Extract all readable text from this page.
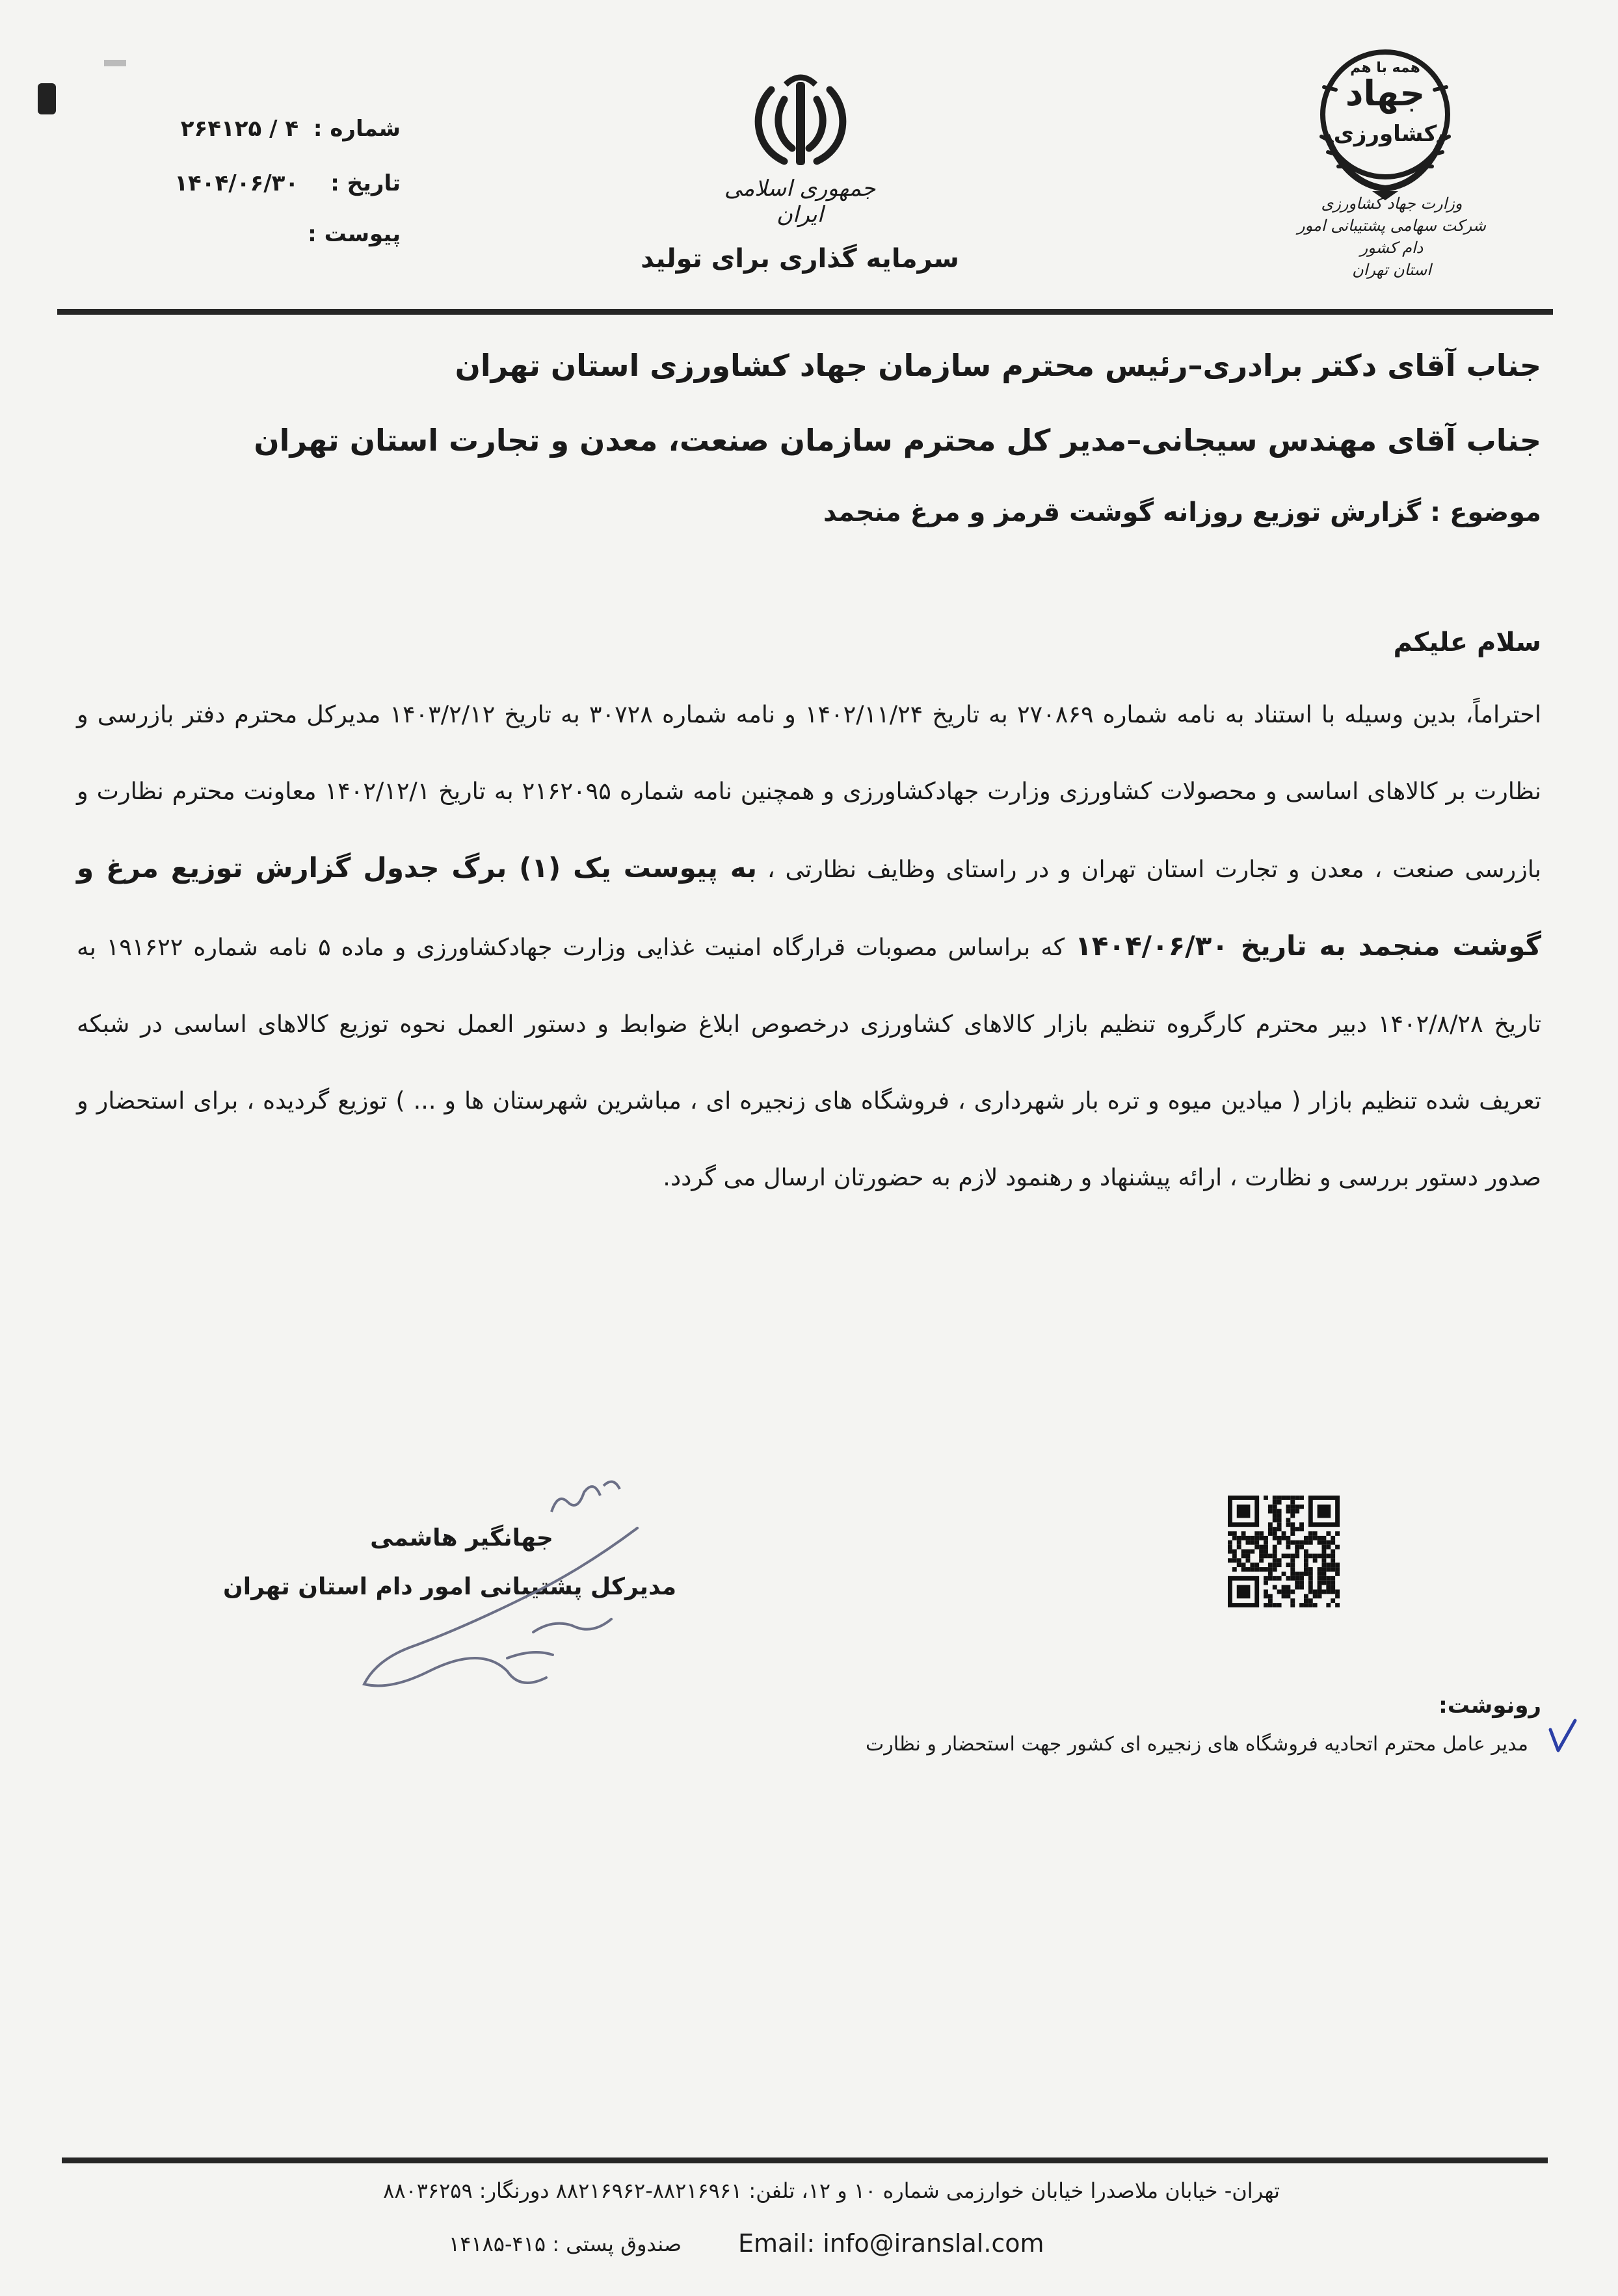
شماره : ۴ / ۲۶۴۱۲۵
تاریخ : ۱۴۰۴/۰۶/۳۰
پیوست :
جمهوری اسلامی ایران
سرمایه گذاری برای تولید
همه با هم
جهاد
کشاورزی
وزارت جهاد کشاورزی
شرکت سهامی پشتیبانی امور دام کشور
استان تهران
جناب آقای دکتر برادری–رئیس محترم سازمان جهاد کشاورزی استان تهران
جناب آقای مهندس سیجانی–مدیر کل محترم سازمان صنعت، معدن و تجارت استان تهران
موضوع : گزارش توزیع روزانه گوشت قرمز و مرغ منجمد
سلام علیکم
احتراماً، بدین وسیله با استناد به نامه شماره ۲۷۰۸۶۹ به تاریخ ۱۴۰۲/۱۱/۲۴ و نامه شماره ۳۰۷۲۸ به تاریخ ۱۴۰۳/۲/۱۲ مدیرکل محترم دفتر بازرسی و نظارت بر کالاهای اساسی و محصولات کشاورزی وزارت جهادکشاورزی و همچنین نامه شماره ۲۱۶۲۰۹۵ به تاریخ ۱۴۰۲/۱۲/۱ معاونت محترم نظارت و بازرسی صنعت ، معدن و تجارت استان تهران و در راستای وظایف نظارتی ، به پیوست یک (۱) برگ جدول گزارش توزیع مرغ و گوشت منجمد به تاریخ ۱۴۰۴/۰۶/۳۰ که براساس مصوبات قرارگاه امنیت غذایی وزارت جهادکشاورزی و ماده ۵ نامه شماره ۱۹۱۶۲۲ به تاریخ ۱۴۰۲/۸/۲۸ دبیر محترم کارگروه تنظیم بازار کالاهای کشاورزی درخصوص ابلاغ ضوابط و دستور العمل نحوه توزیع کالاهای اساسی در شبکه تعریف شده تنظیم بازار ( میادین میوه و تره بار شهرداری ، فروشگاه های زنجیره ای ، مباشرین شهرستان ها و ... ) توزیع گردیده ، برای استحضار و صدور دستور بررسی و نظارت ، ارائه پیشنهاد و رهنمود لازم به حضورتان ارسال می گردد.
جهانگیر هاشمی
مدیرکل پشتیبانی امور دام استان تهران
رونوشت:
مدیر عامل محترم اتحادیه فروشگاه های زنجیره ای کشور جهت استحضار و نظارت
تهران- خیابان ملاصدرا خیابان خوارزمی شماره ۱۰ و ۱۲، تلفن: ۸۸۲۱۶۹۶۱-۸۸۲۱۶۹۶۲ دورنگار: ۸۸۰۳۶۲۵۹
Email: info@iranslal.com
صندوق پستی : ۴۱۵-۱۴۱۸۵
